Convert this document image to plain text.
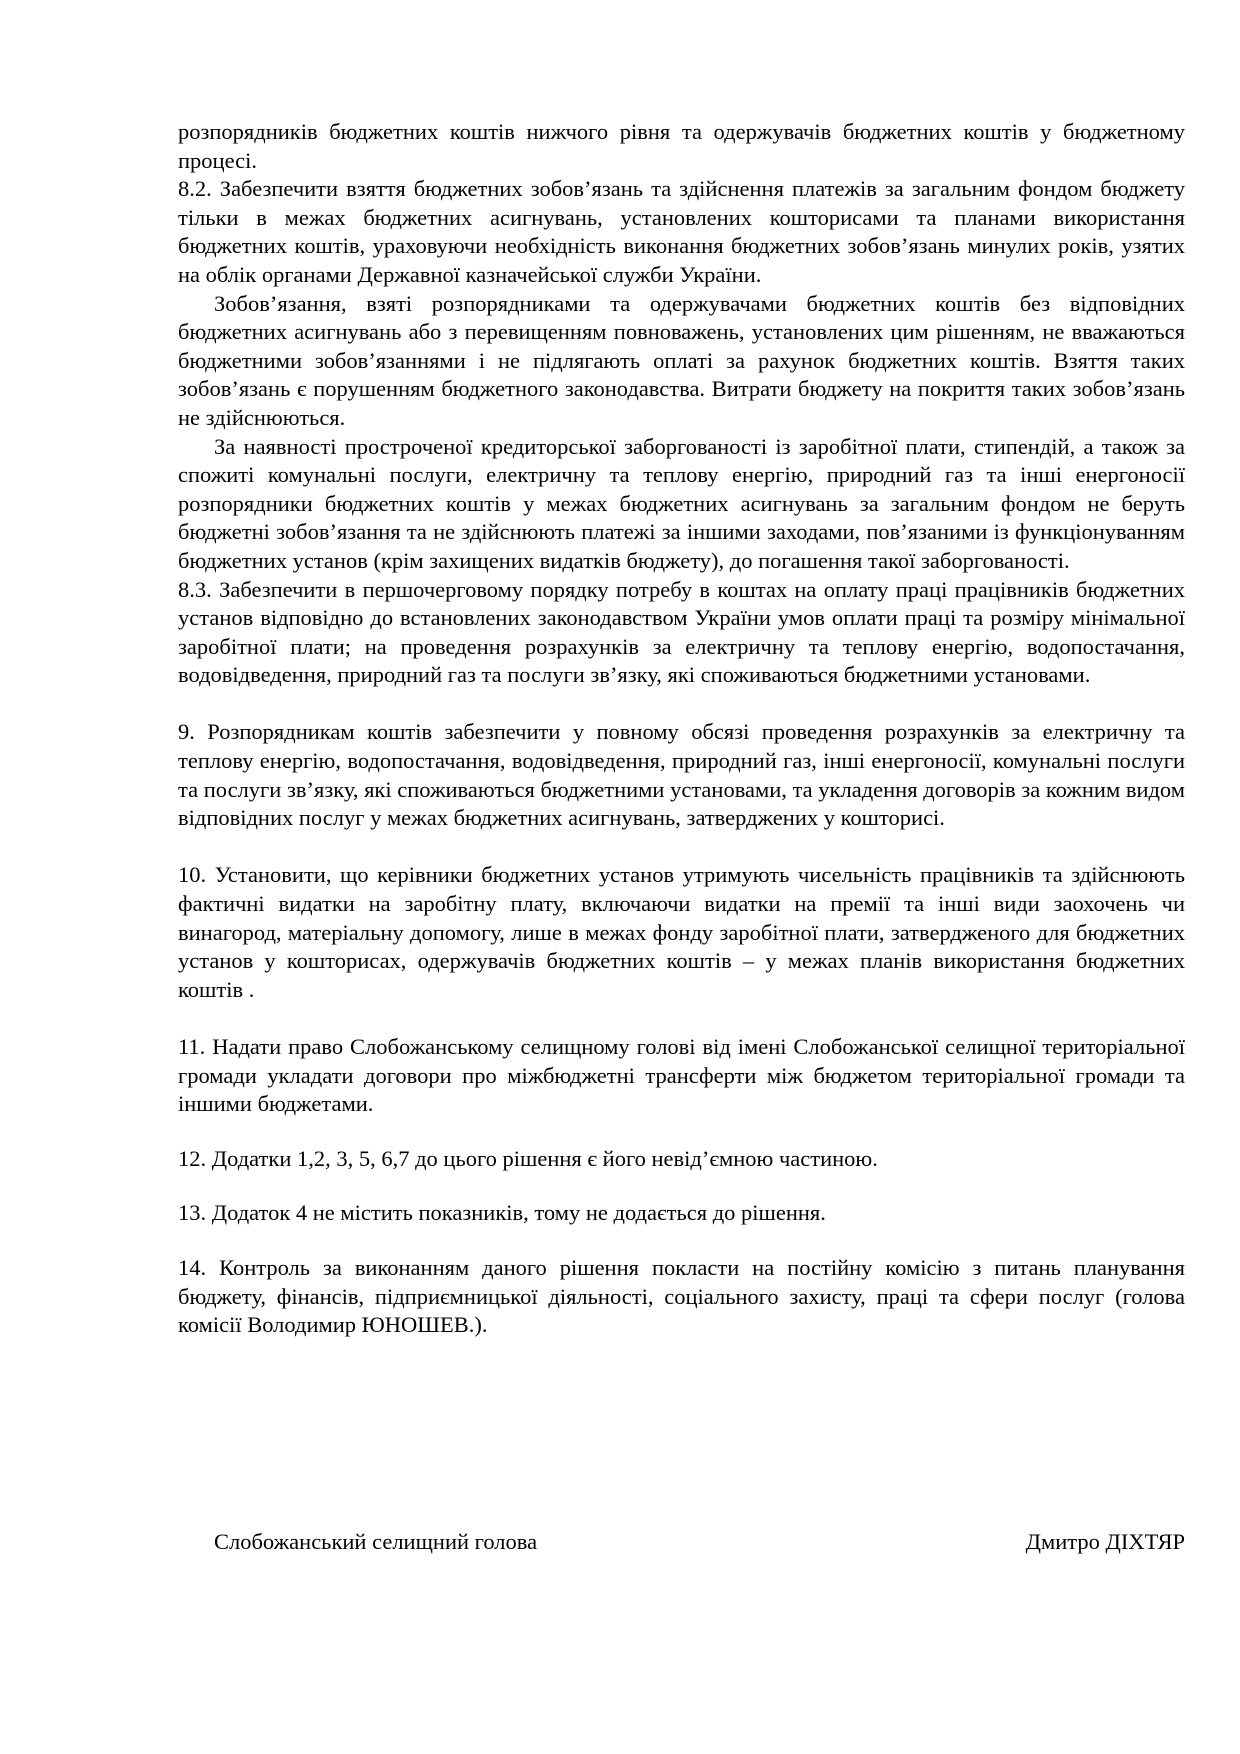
розпорядників бюджетних коштів нижчого рівня та одержувачів бюджетних коштів у бюджетному процесі.

8.2. Забезпечити взяття бюджетних зобов’язань та здійснення платежів за загальним фондом бюджету тільки в межах бюджетних асигнувань, установлених кошторисами та планами використання бюджетних коштів, ураховуючи необхідність виконання бюджетних зобов’язань минулих років, узятих на облік органами Державної казначейської служби України.

Зобов’язання, взяті розпорядниками та одержувачами бюджетних коштів без відповідних бюджетних асигнувань або з перевищенням повноважень, установлених цим рішенням, не вважаються бюджетними зобов’язаннями і не підлягають оплаті за рахунок бюджетних коштів. Взяття таких зобов’язань є порушенням бюджетного законодавства. Витрати бюджету на покриття таких зобов’язань не здійснюються.

За наявності простроченої кредиторської заборгованості із заробітної плати, стипендій, а також за спожиті комунальні послуги, електричну та теплову енергію, природний газ та інші енергоносії розпорядники бюджетних коштів у межах бюджетних асигнувань за загальним фондом не беруть бюджетні зобов’язання та не здійснюють платежі за іншими заходами, пов’язаними із функціонуванням бюджетних установ (крім захищених видатків бюджету), до погашення такої заборгованості.

8.3. Забезпечити в першочерговому порядку потребу в коштах на оплату праці працівників бюджетних установ відповідно до встановлених законодавством України умов оплати праці та розміру мінімальної заробітної плати; на проведення розрахунків за електричну та теплову енергію, водопостачання, водовідведення, природний газ та послуги зв’язку, які споживаються бюджетними установами.

9. Розпорядникам коштів забезпечити у повному обсязі проведення розрахунків за електричну та теплову енергію, водопостачання, водовідведення, природний газ, інші енергоносії, комунальні послуги та послуги зв’язку, які споживаються бюджетними установами, та укладення договорів за кожним видом відповідних послуг у межах бюджетних асигнувань, затверджених у кошторисі.

10. Установити, що керівники бюджетних установ утримують чисельність працівників та здійснюють фактичні видатки на заробітну плату, включаючи видатки на премії та інші види заохочень чи винагород, матеріальну допомогу, лише в межах фонду заробітної плати, затвердженого для бюджетних установ у кошторисах, одержувачів бюджетних коштів – у межах планів використання бюджетних коштів .

11. Надати право Слобожанському селищному голові від імені Слобожанської селищної територіальної громади укладати договори про міжбюджетні трансферти між бюджетом територіальної громади та іншими бюджетами.

12. Додатки 1,2, 3, 5, 6,7 до цього рішення є його невід’ємною частиною.

13. Додаток 4 не містить показників, тому не додається до рішення.

14. Контроль за виконанням даного рішення покласти на постійну комісію з питань планування бюджету, фінансів, підприємницької діяльності, соціального захисту, праці та сфери послуг (голова комісії Володимир ЮНОШЕВ.).

Слобожанський селищний голова	Дмитро ДІХТЯР
